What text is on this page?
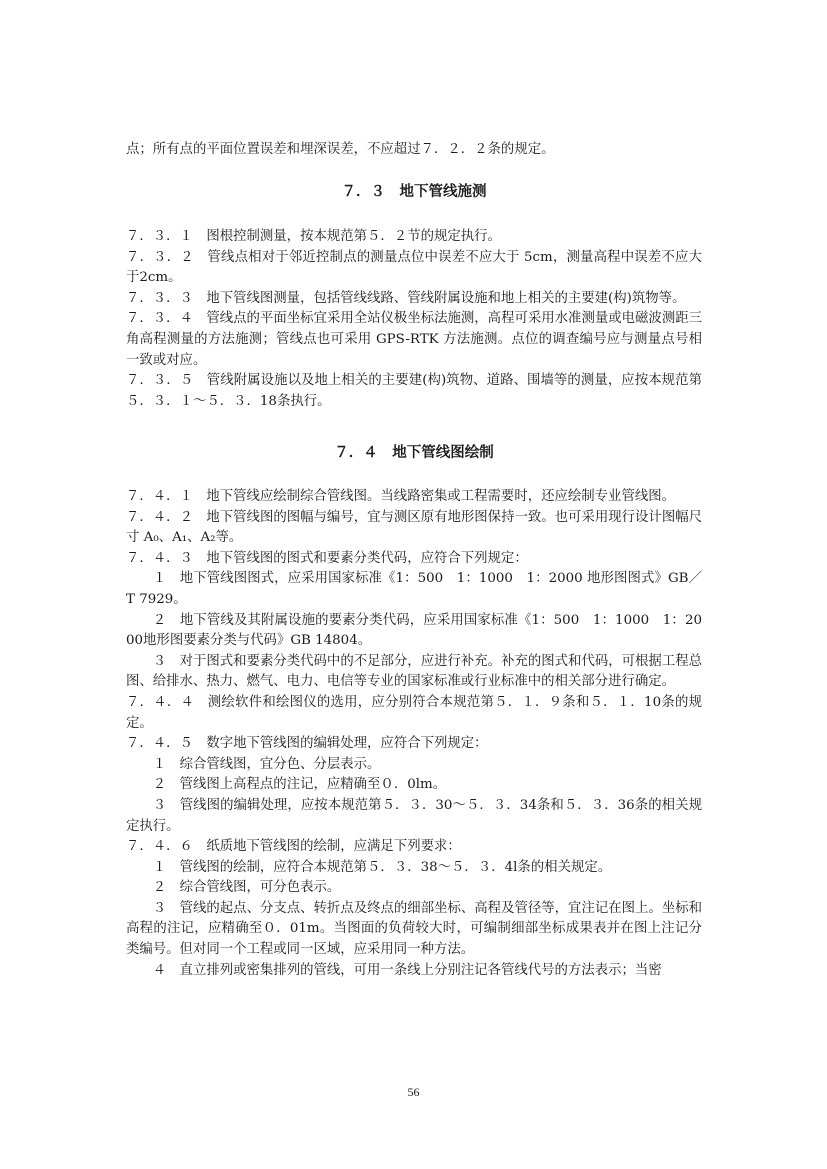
点；所有点的平面位置误差和埋深误差，不应超过７．２．２条的规定。

７．３　地下管线施测

７．３．１　图根控制测量，按本规范第５．２节的规定执行。

７．３．２　管线点相对于邻近控制点的测量点位中误差不应大于 5cm，测量高程中误差不应大于2cm。

７．３．３　地下管线图测量，包括管线线路、管线附属设施和地上相关的主要建(构)筑物等。

７．３．４　管线点的平面坐标宜采用全站仪极坐标法施测，高程可采用水准测量或电磁波测距三角高程测量的方法施测；管线点也可采用 GPS-RTK 方法施测。点位的调查编号应与测量点号相一致或对应。

７．３．５　管线附属设施以及地上相关的主要建(构)筑物、道路、围墙等的测量，应按本规范第５．３．１～５．３．18条执行。

７．４　地下管线图绘制

７．４．１　地下管线应绘制综合管线图。当线路密集或工程需要时，还应绘制专业管线图。

７．４．２　地下管线图的图幅与编号，宜与测区原有地形图保持一致。也可采用现行设计图幅尺寸 A₀、A₁、A₂等。

７．４．３　地下管线图的图式和要素分类代码，应符合下列规定：

１　地下管线图图式，应采用国家标准《1：500　1：1000　1：2000 地形图图式》GB／T 7929。

２　地下管线及其附属设施的要素分类代码，应采用国家标准《1：500　1：1000　1：2000地形图要素分类与代码》GB 14804。

３　对于图式和要素分类代码中的不足部分，应进行补充。补充的图式和代码，可根据工程总图、给排水、热力、燃气、电力、电信等专业的国家标准或行业标准中的相关部分进行确定。

７．４．４　测绘软件和绘图仪的选用，应分别符合本规范第５．１．９条和５．１．10条的规定。

７．４．５　数字地下管线图的编辑处理，应符合下列规定：

１　综合管线图，宜分色、分层表示。

２　管线图上高程点的注记，应精确至０．0lm。

３　管线图的编辑处理，应按本规范第５．３．30～５．３．34条和５．３．36条的相关规定执行。

７．４．６　纸质地下管线图的绘制，应满足下列要求：

１　管线图的绘制，应符合本规范第５．３．38～５．３．4l条的相关规定。

２　综合管线图，可分色表示。

３　管线的起点、分支点、转折点及终点的细部坐标、高程及管径等，宜注记在图上。坐标和高程的注记，应精确至０．01m。当图面的负荷较大时，可编制细部坐标成果表并在图上注记分类编号。但对同一个工程或同一区域，应采用同一种方法。

４　直立排列或密集排列的管线，可用一条线上分别注记各管线代号的方法表示；当密

56
